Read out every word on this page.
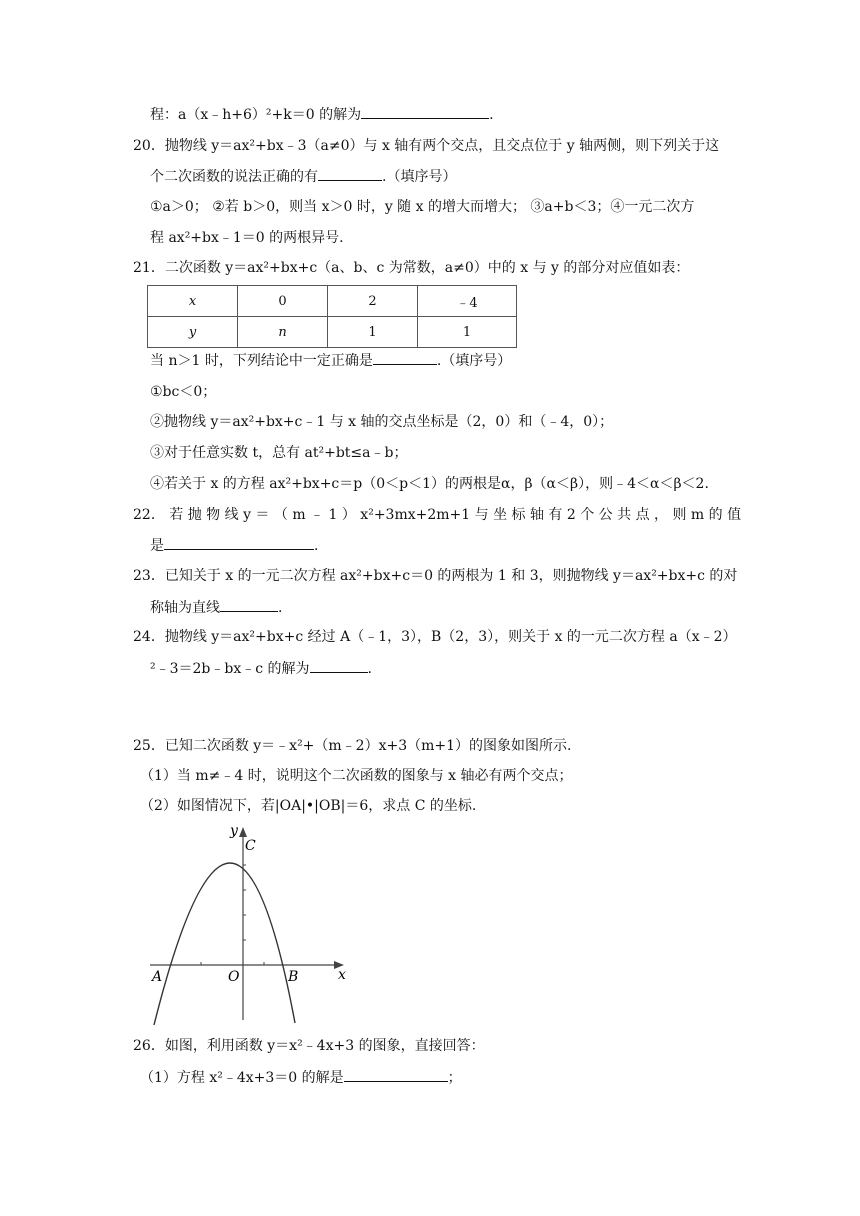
程：a（x﹣h+6）²+k＝0 的解为	.
20．抛物线 y＝ax²+bx﹣3（a≠0）与 x 轴有两个交点，且交点位于 y 轴两侧，则下列关于这
个二次函数的说法正确的有	.（填序号）
①a＞0； ②若 b＞0，则当 x＞0 时，y 随 x 的增大而增大； ③a+b＜3；④一元二次方
程 ax²+bx﹣1＝0 的两根异号.
21．二次函数 y＝ax²+bx+c（a、b、c 为常数，a≠0）中的 x 与 y 的部分对应值如表：
x	0	2	﹣4
y	n	1	1
当 n＞1 时，下列结论中一定正确是	.（填序号）
①bc＜0；
②抛物线 y＝ax²+bx+c﹣1 与 x 轴的交点坐标是（2，0）和（﹣4，0）；
③对于任意实数 t，总有 at²+bt≤a﹣b；
④若关于 x 的方程 ax²+bx+c＝p（0＜p＜1）的两根是α，β（α＜β），则﹣4＜α＜β＜2.
22． 若 抛 物 线 y ＝ （ m ﹣ 1 ） x²+3mx+2m+1 与 坐 标 轴 有 2 个 公 共 点 ， 则 m 的 值
是	.
23．已知关于 x 的一元二次方程 ax²+bx+c＝0 的两根为 1 和 3，则抛物线 y＝ax²+bx+c 的对
称轴为直线	.
24．抛物线 y＝ax²+bx+c 经过 A（﹣1，3），B（2，3），则关于 x 的一元二次方程 a（x﹣2）
²﹣3＝2b﹣bx﹣c 的解为	.
25．已知二次函数 y＝﹣x²+（m﹣2）x+3（m+1）的图象如图所示.
（1）当 m≠﹣4 时，说明这个二次函数的图象与 x 轴必有两个交点；
（2）如图情况下，若|OA|•|OB|＝6，求点 C 的坐标.
y
C
x
A	O	B
26．如图，利用函数 y＝x²﹣4x+3 的图象，直接回答：
（1）方程 x²﹣4x+3＝0 的解是	；
